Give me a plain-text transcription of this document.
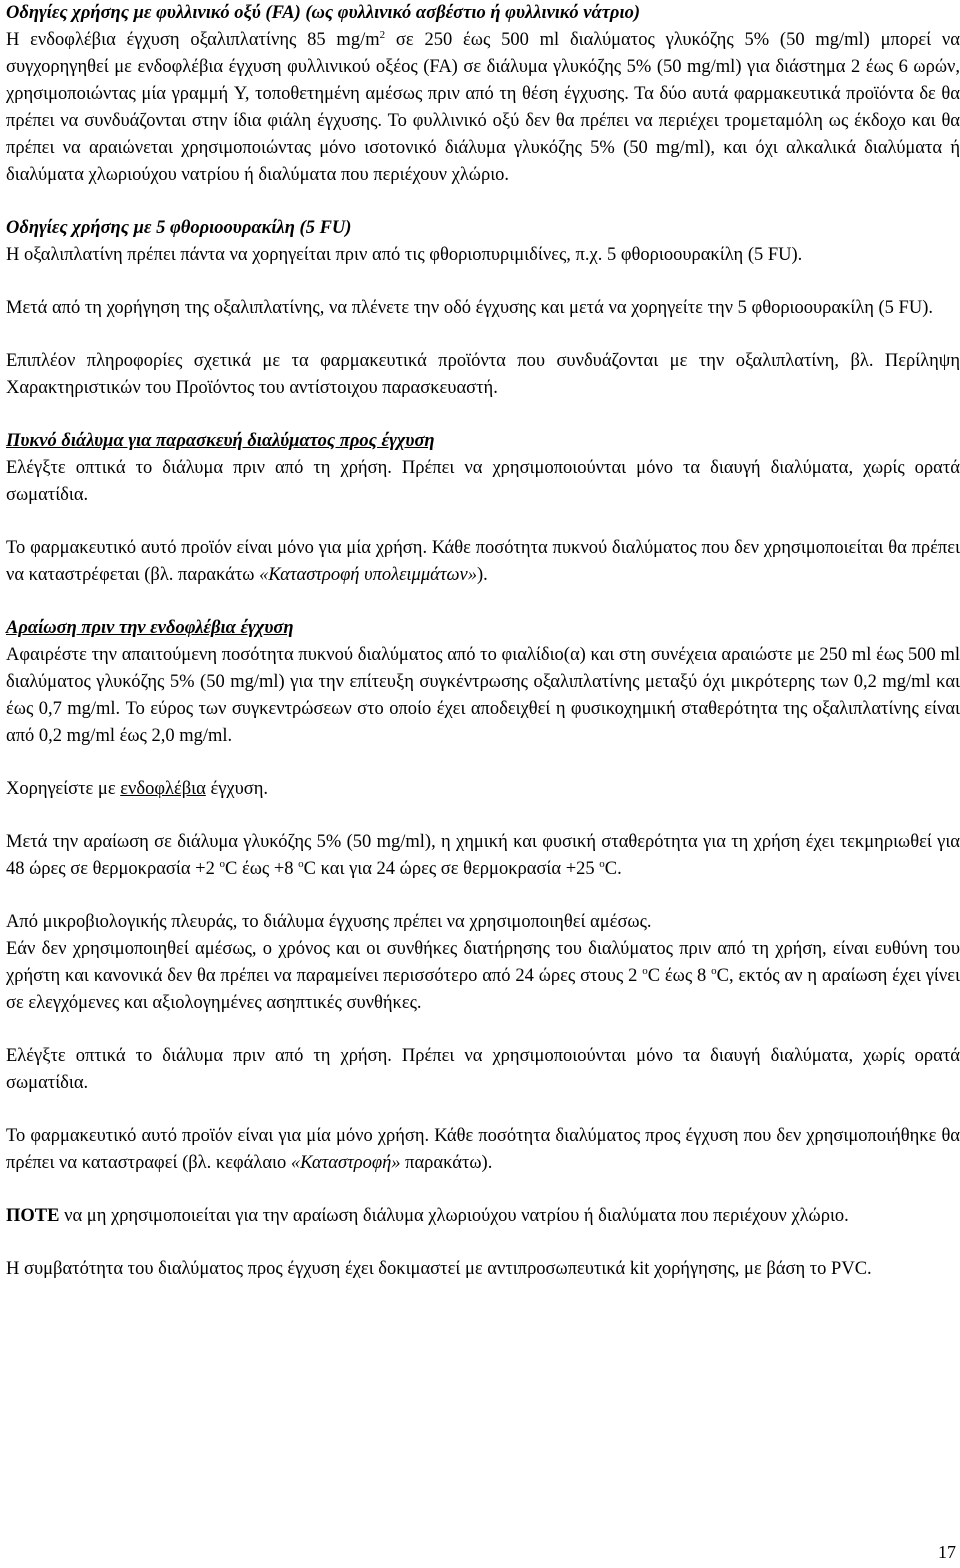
Οδηγίες χρήσης με φυλλινικό οξύ (FA) (ως φυλλινικό ασβέστιο ή φυλλινικό νάτριο)

Η ενδοφλέβια έγχυση οξαλιπλατίνης 85 $mg/m^2$ σε 250 έως 500 ml διαλύματος γλυκόζης 5% (50 mg/ml) μπορεί να συγχορηγηθεί με ενδοφλέβια έγχυση φυλλινικού οξέος (FA) σε διάλυμα γλυκόζης 5% (50 mg/ml) για διάστημα 2 έως 6 ωρών, χρησιμοποιώντας μία γραμμή Y, τοποθετημένη αμέσως πριν από τη θέση έγχυσης. Τα δύο αυτά φαρμακευτικά προϊόντα δε θα πρέπει να συνδυάζονται στην ίδια φιάλη έγχυσης. Το φυλλινικό οξύ δεν θα πρέπει να περιέχει τρομεταμόλη ως έκδοχο και θα πρέπει να αραιώνεται χρησιμοποιώντας μόνο ισοτονικό διάλυμα γλυκόζης 5% (50 mg/ml), και όχι αλκαλικά διαλύματα ή διαλύματα χλωριούχου νατρίου ή διαλύματα που περιέχουν χλώριο.

Οδηγίες χρήσης με 5 φθοριοουρακίλη (5 FU)

Η οξαλιπλατίνη πρέπει πάντα να χορηγείται πριν από τις φθοριοπυριμιδίνες, π.χ. 5 φθοριοουρακίλη (5 FU).

Μετά από τη χορήγηση της οξαλιπλατίνης, να πλένετε την οδό έγχυσης και μετά να χορηγείτε την 5 φθοριοουρακίλη (5 FU).

Επιπλέον πληροφορίες σχετικά με τα φαρμακευτικά προϊόντα που συνδυάζονται με την οξαλιπλατίνη, βλ. Περίληψη Χαρακτηριστικών του Προϊόντος του αντίστοιχου παρασκευαστή.

Πυκνό διάλυμα για παρασκευή διαλύματος προς έγχυση

Ελέγξτε οπτικά το διάλυμα πριν από τη χρήση. Πρέπει να χρησιμοποιούνται μόνο τα διαυγή διαλύματα, χωρίς ορατά σωματίδια.

Το φαρμακευτικό αυτό προϊόν είναι μόνο για μία χρήση. Κάθε ποσότητα πυκνού διαλύματος που δεν χρησιμοποιείται θα πρέπει να καταστρέφεται (βλ. παρακάτω «Καταστροφή υπολειμμάτων»).

Αραίωση πριν την ενδοφλέβια έγχυση

Αφαιρέστε την απαιτούμενη ποσότητα πυκνού διαλύματος από το φιαλίδιο(α) και στη συνέχεια αραιώστε με 250 ml έως 500 ml διαλύματος γλυκόζης 5% (50 mg/ml) για την επίτευξη συγκέντρωσης οξαλιπλατίνης μεταξύ όχι μικρότερης των 0,2 mg/ml και έως 0,7 mg/ml. Το εύρος των συγκεντρώσεων στο οποίο έχει αποδειχθεί η φυσικοχημική σταθερότητα της οξαλιπλατίνης είναι από 0,2 mg/ml έως 2,0 mg/ml.

Χορηγείστε με ενδοφλέβια έγχυση.

Μετά την αραίωση σε διάλυμα γλυκόζης 5% (50 mg/ml), η χημική και φυσική σταθερότητα για τη χρήση έχει τεκμηριωθεί για 48 ώρες σε θερμοκρασία +2 $^o$C έως +8 $^o$C και για 24 ώρες σε θερμοκρασία +25 $^o$C.

Από μικροβιολογικής πλευράς, το διάλυμα έγχυσης πρέπει να χρησιμοποιηθεί αμέσως.

Εάν δεν χρησιμοποιηθεί αμέσως, ο χρόνος και οι συνθήκες διατήρησης του διαλύματος πριν από τη χρήση, είναι ευθύνη του χρήστη και κανονικά δεν θα πρέπει να παραμείνει περισσότερο από 24 ώρες στους 2 $^o$C έως 8 $^o$C, εκτός αν η αραίωση έχει γίνει σε ελεγχόμενες και αξιολογημένες ασηπτικές συνθήκες.

Ελέγξτε οπτικά το διάλυμα πριν από τη χρήση. Πρέπει να χρησιμοποιούνται μόνο τα διαυγή διαλύματα, χωρίς ορατά σωματίδια.

Το φαρμακευτικό αυτό προϊόν είναι για μία μόνο χρήση. Κάθε ποσότητα διαλύματος προς έγχυση που δεν χρησιμοποιήθηκε θα πρέπει να καταστραφεί (βλ. κεφάλαιο «Καταστροφή» παρακάτω).

ΠΟΤΕ να μη χρησιμοποιείται για την αραίωση διάλυμα χλωριούχου νατρίου ή διαλύματα που περιέχουν χλώριο.

Η συμβατότητα του διαλύματος προς έγχυση έχει δοκιμαστεί με αντιπροσωπευτικά kit χορήγησης, με βάση το PVC.

17
